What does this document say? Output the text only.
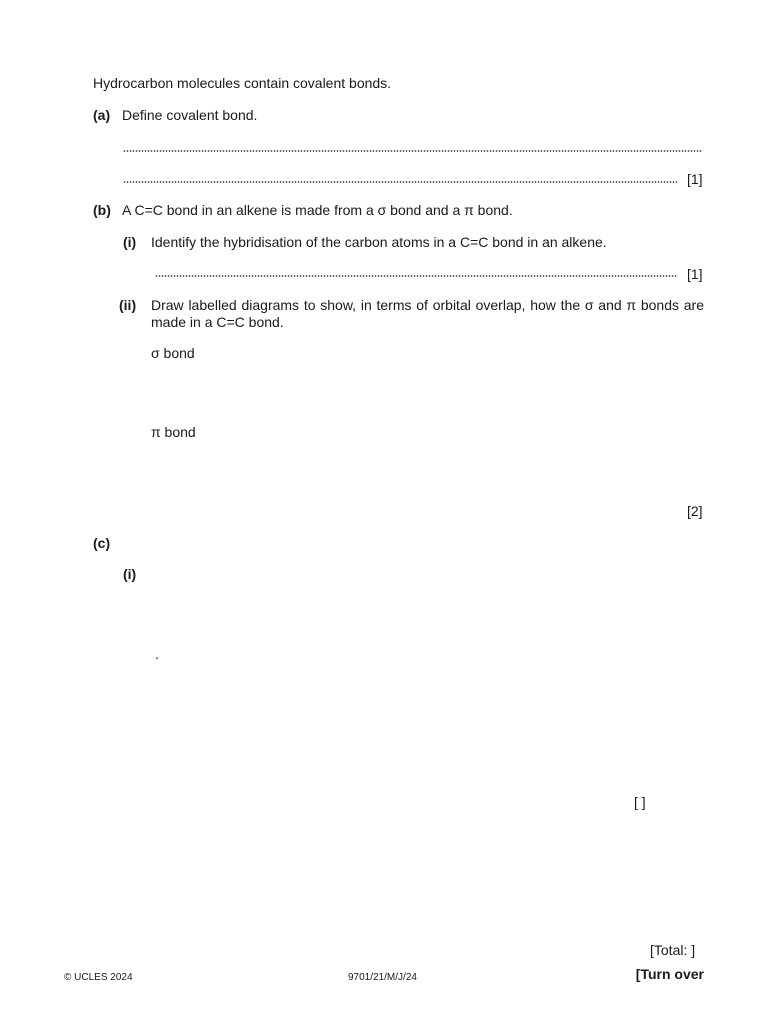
Hydrocarbon molecules contain covalent bonds.
(a) Define covalent bond.
[1]
(b) A C=C bond in an alkene is made from a σ bond and a π bond.
(i) Identify the hybridisation of the carbon atoms in a C=C bond in an alkene.
[1]
(ii) Draw labelled diagrams to show, in terms of orbital overlap, how the σ and π bonds are made in a C=C bond.
σ bond
π bond
[2]
(c)
(i)
.
[ ]
[Total: ]
© UCLES 2024	9701/21/M/J/24	[Turn over
